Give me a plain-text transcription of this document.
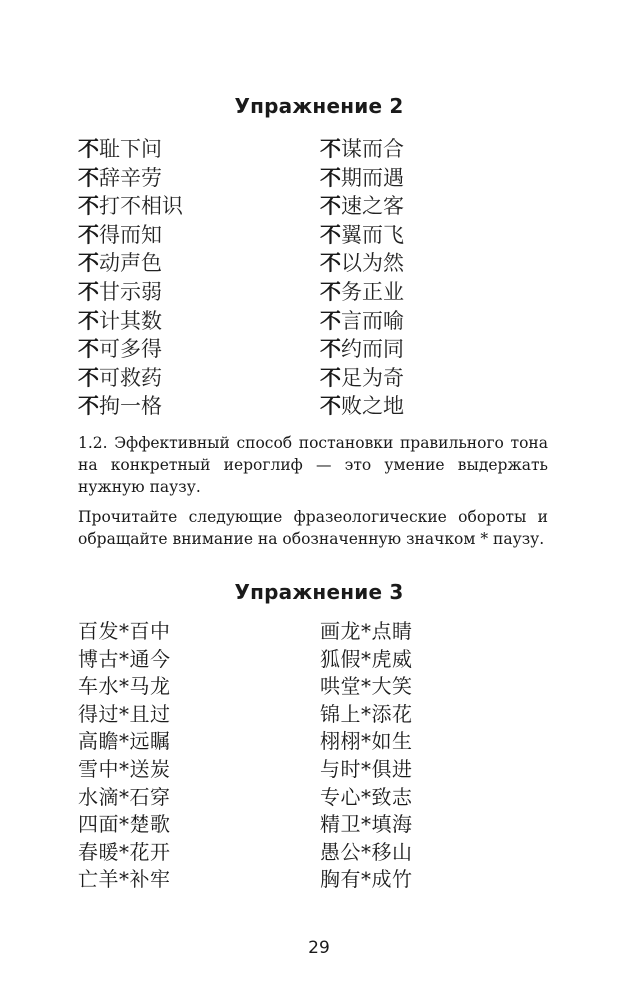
Упражнение 2
不耻下问
不辞辛劳
不打不相识
不得而知
不动声色
不甘示弱
不计其数
不可多得
不可救药
不拘一格
不谋而合
不期而遇
不速之客
不翼而飞
不以为然
不务正业
不言而喻
不约而同
不足为奇
不败之地
1.2. Эффективный способ постановки правильного тона на конкретный иероглиф — это умение выдержать нужную паузу.
Прочитайте следующие фразеологические обороты и обращайте внимание на обозначенную значком * паузу.
Упражнение 3
百发*百中
博古*通今
车水*马龙
得过*且过
高瞻*远瞩
雪中*送炭
水滴*石穿
四面*楚歌
春暖*花开
亡羊*补牢
画龙*点睛
狐假*虎威
哄堂*大笑
锦上*添花
栩栩*如生
与时*俱进
专心*致志
精卫*填海
愚公*移山
胸有*成竹
29
